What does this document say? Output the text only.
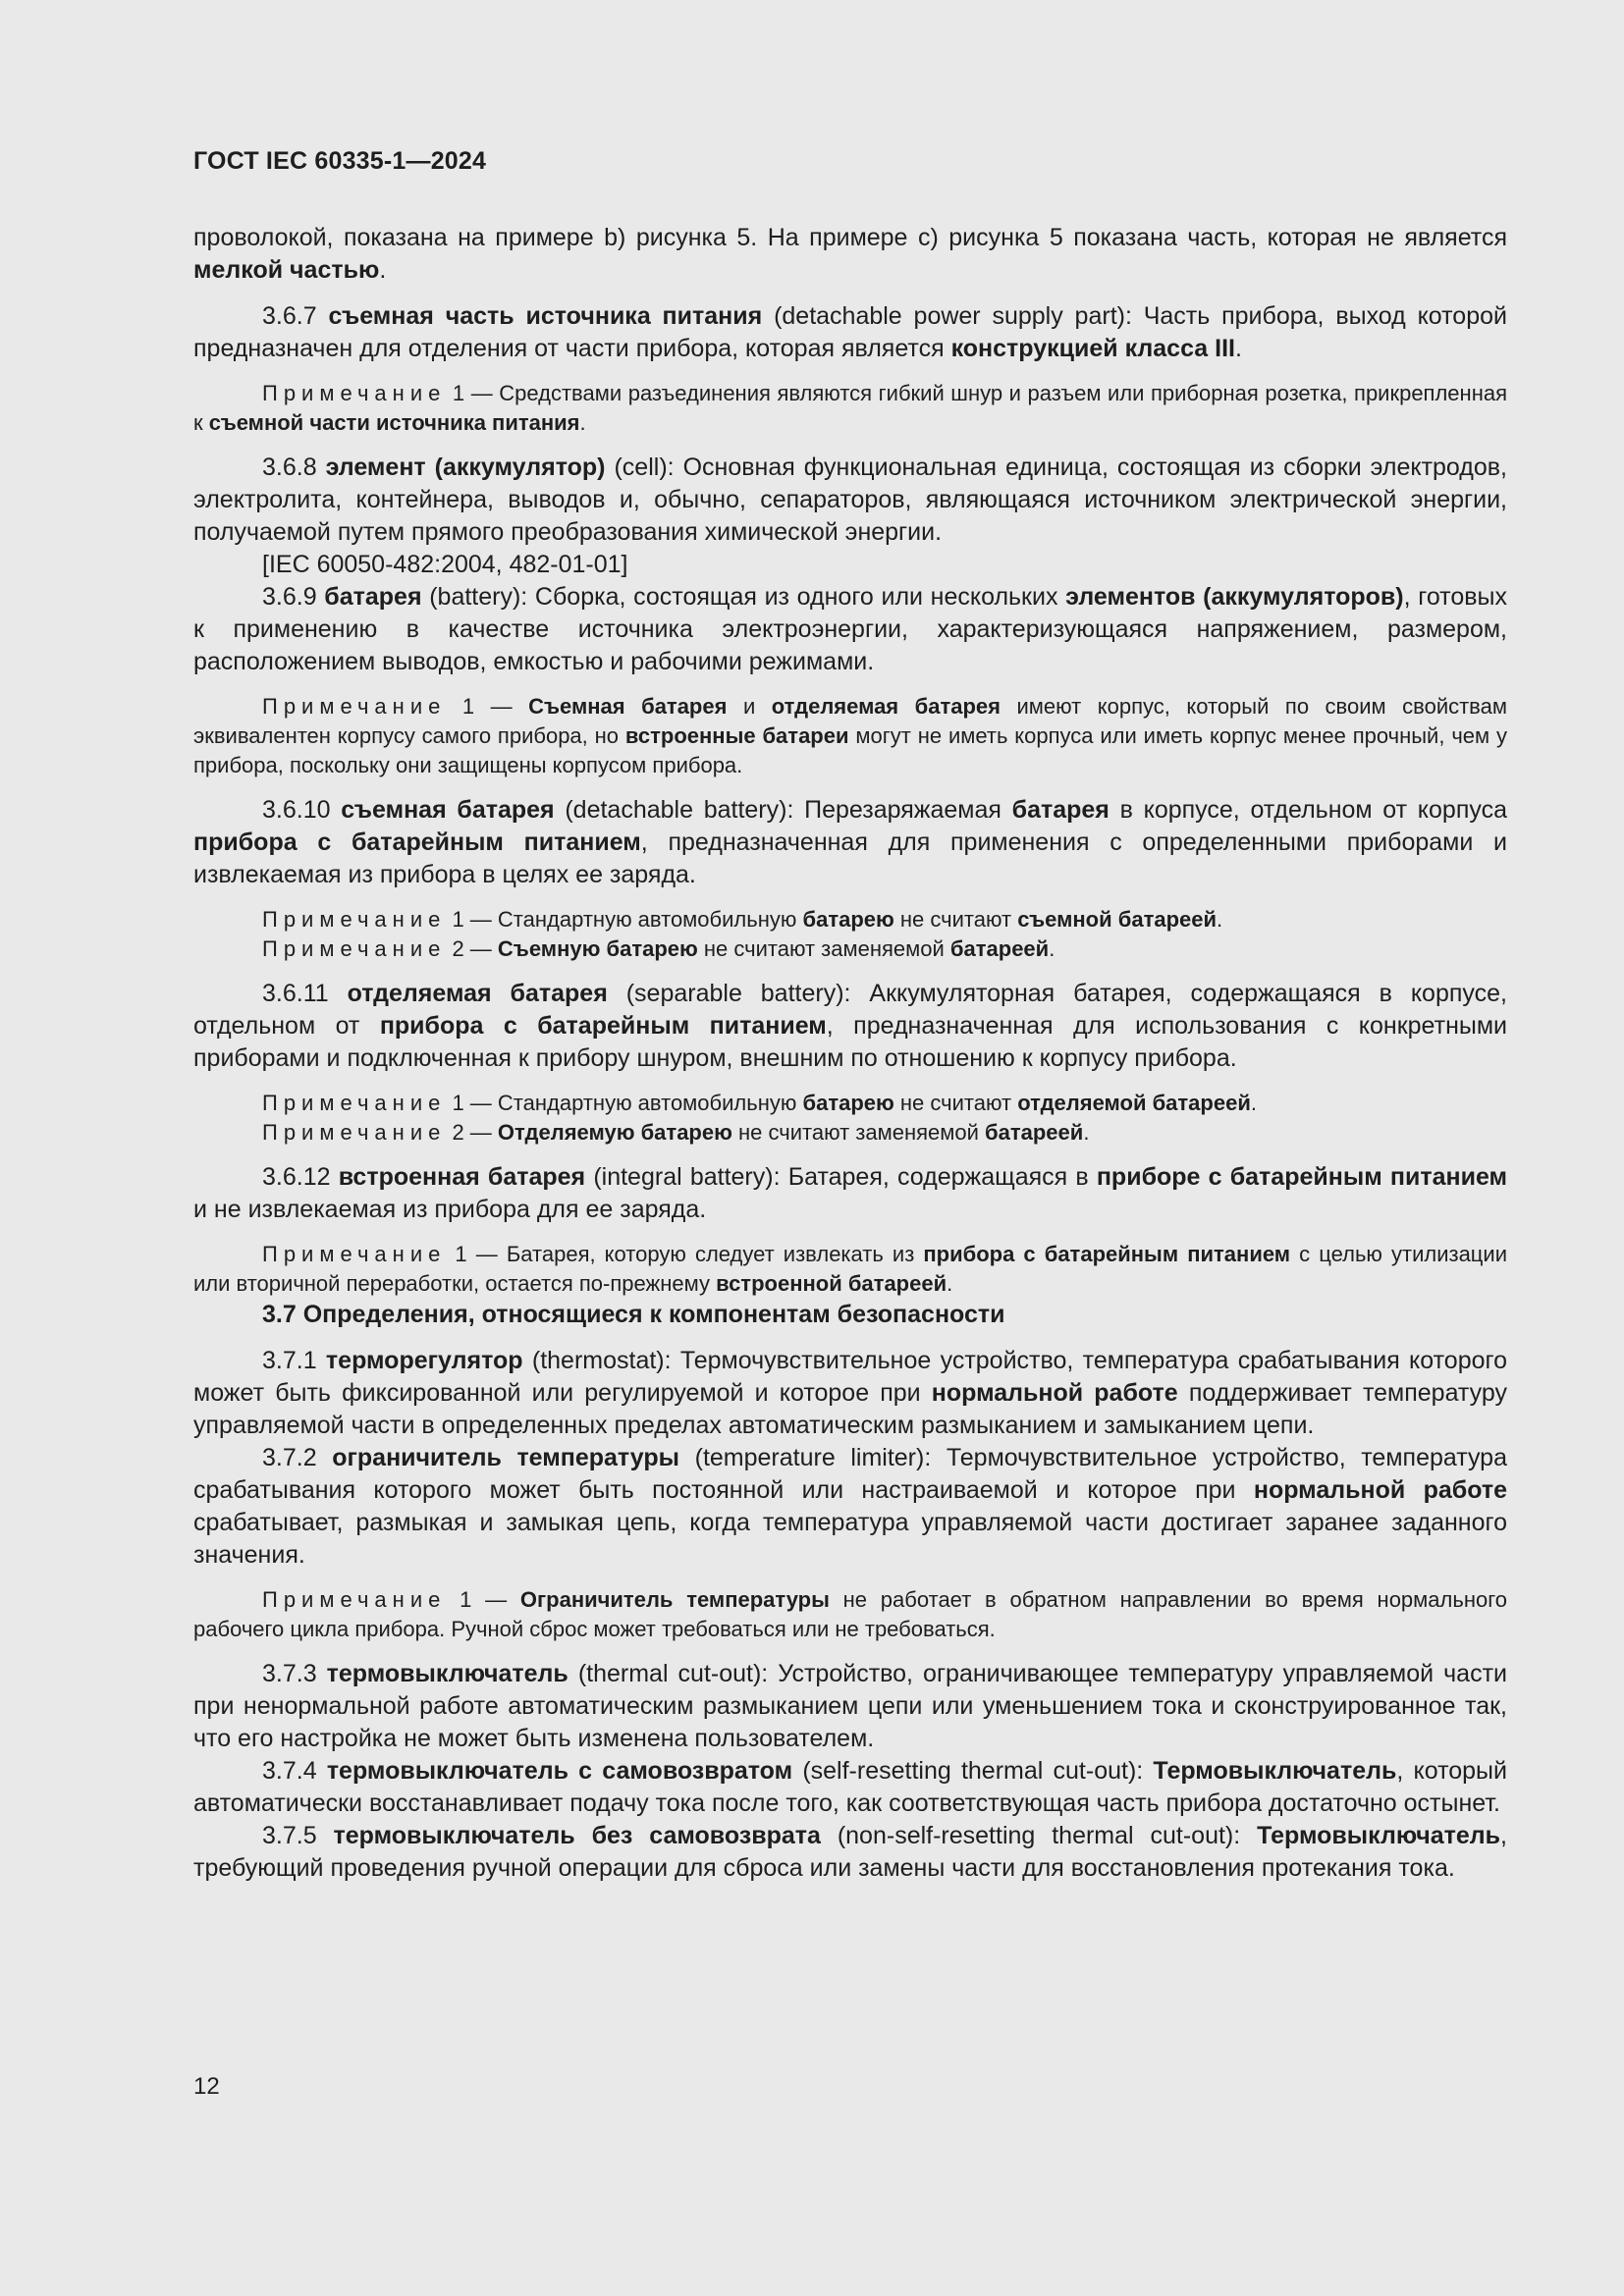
ГОСТ IEC 60335-1—2024

проволокой, показана на примере b) рисунка 5. На примере c) рисунка 5 показана часть, которая не является мелкой частью.

3.6.7 съемная часть источника питания (detachable power supply part): Часть прибора, выход которой предназначен для отделения от части прибора, которая является конструкцией класса III.

Примечание 1 — Средствами разъединения являются гибкий шнур и разъем или приборная розетка, прикрепленная к съемной части источника питания.

3.6.8 элемент (аккумулятор) (cell): Основная функциональная единица, состоящая из сборки электродов, электролита, контейнера, выводов и, обычно, сепараторов, являющаяся источником электрической энергии, получаемой путем прямого преобразования химической энергии.

[IEC 60050-482:2004, 482-01-01]

3.6.9 батарея (battery): Сборка, состоящая из одного или нескольких элементов (аккумуляторов), готовых к применению в качестве источника электроэнергии, характеризующаяся напряжением, размером, расположением выводов, емкостью и рабочими режимами.

Примечание 1 — Съемная батарея и отделяемая батарея имеют корпус, который по своим свойствам эквивалентен корпусу самого прибора, но встроенные батареи могут не иметь корпуса или иметь корпус менее прочный, чем у прибора, поскольку они защищены корпусом прибора.

3.6.10 съемная батарея (detachable battery): Перезаряжаемая батарея в корпусе, отдельном от корпуса прибора с батарейным питанием, предназначенная для применения с определенными приборами и извлекаемая из прибора в целях ее заряда.

Примечание 1 — Стандартную автомобильную батарею не считают съемной батареей.

Примечание 2 — Съемную батарею не считают заменяемой батареей.

3.6.11 отделяемая батарея (separable battery): Аккумуляторная батарея, содержащаяся в корпусе, отдельном от прибора с батарейным питанием, предназначенная для использования с конкретными приборами и подключенная к прибору шнуром, внешним по отношению к корпусу прибора.

Примечание 1 — Стандартную автомобильную батарею не считают отделяемой батареей.

Примечание 2 — Отделяемую батарею не считают заменяемой батареей.

3.6.12 встроенная батарея (integral battery): Батарея, содержащаяся в приборе с батарейным питанием и не извлекаемая из прибора для ее заряда.

Примечание 1 — Батарея, которую следует извлекать из прибора с батарейным питанием с целью утилизации или вторичной переработки, остается по-прежнему встроенной батареей.

3.7 Определения, относящиеся к компонентам безопасности

3.7.1 терморегулятор (thermostat): Термочувствительное устройство, температура срабатывания которого может быть фиксированной или регулируемой и которое при нормальной работе поддерживает температуру управляемой части в определенных пределах автоматическим размыканием и замыканием цепи.

3.7.2 ограничитель температуры (temperature limiter): Термочувствительное устройство, температура срабатывания которого может быть постоянной или настраиваемой и которое при нормальной работе срабатывает, размыкая и замыкая цепь, когда температура управляемой части достигает заранее заданного значения.

Примечание 1 — Ограничитель температуры не работает в обратном направлении во время нормального рабочего цикла прибора. Ручной сброс может требоваться или не требоваться.

3.7.3 термовыключатель (thermal cut-out): Устройство, ограничивающее температуру управляемой части при ненормальной работе автоматическим размыканием цепи или уменьшением тока и сконструированное так, что его настройка не может быть изменена пользователем.

3.7.4 термовыключатель с самовозвратом (self-resetting thermal cut-out): Термовыключатель, который автоматически восстанавливает подачу тока после того, как соответствующая часть прибора достаточно остынет.

3.7.5 термовыключатель без самовозврата (non-self-resetting thermal cut-out): Термовыключатель, требующий проведения ручной операции для сброса или замены части для восстановления протекания тока.

12
